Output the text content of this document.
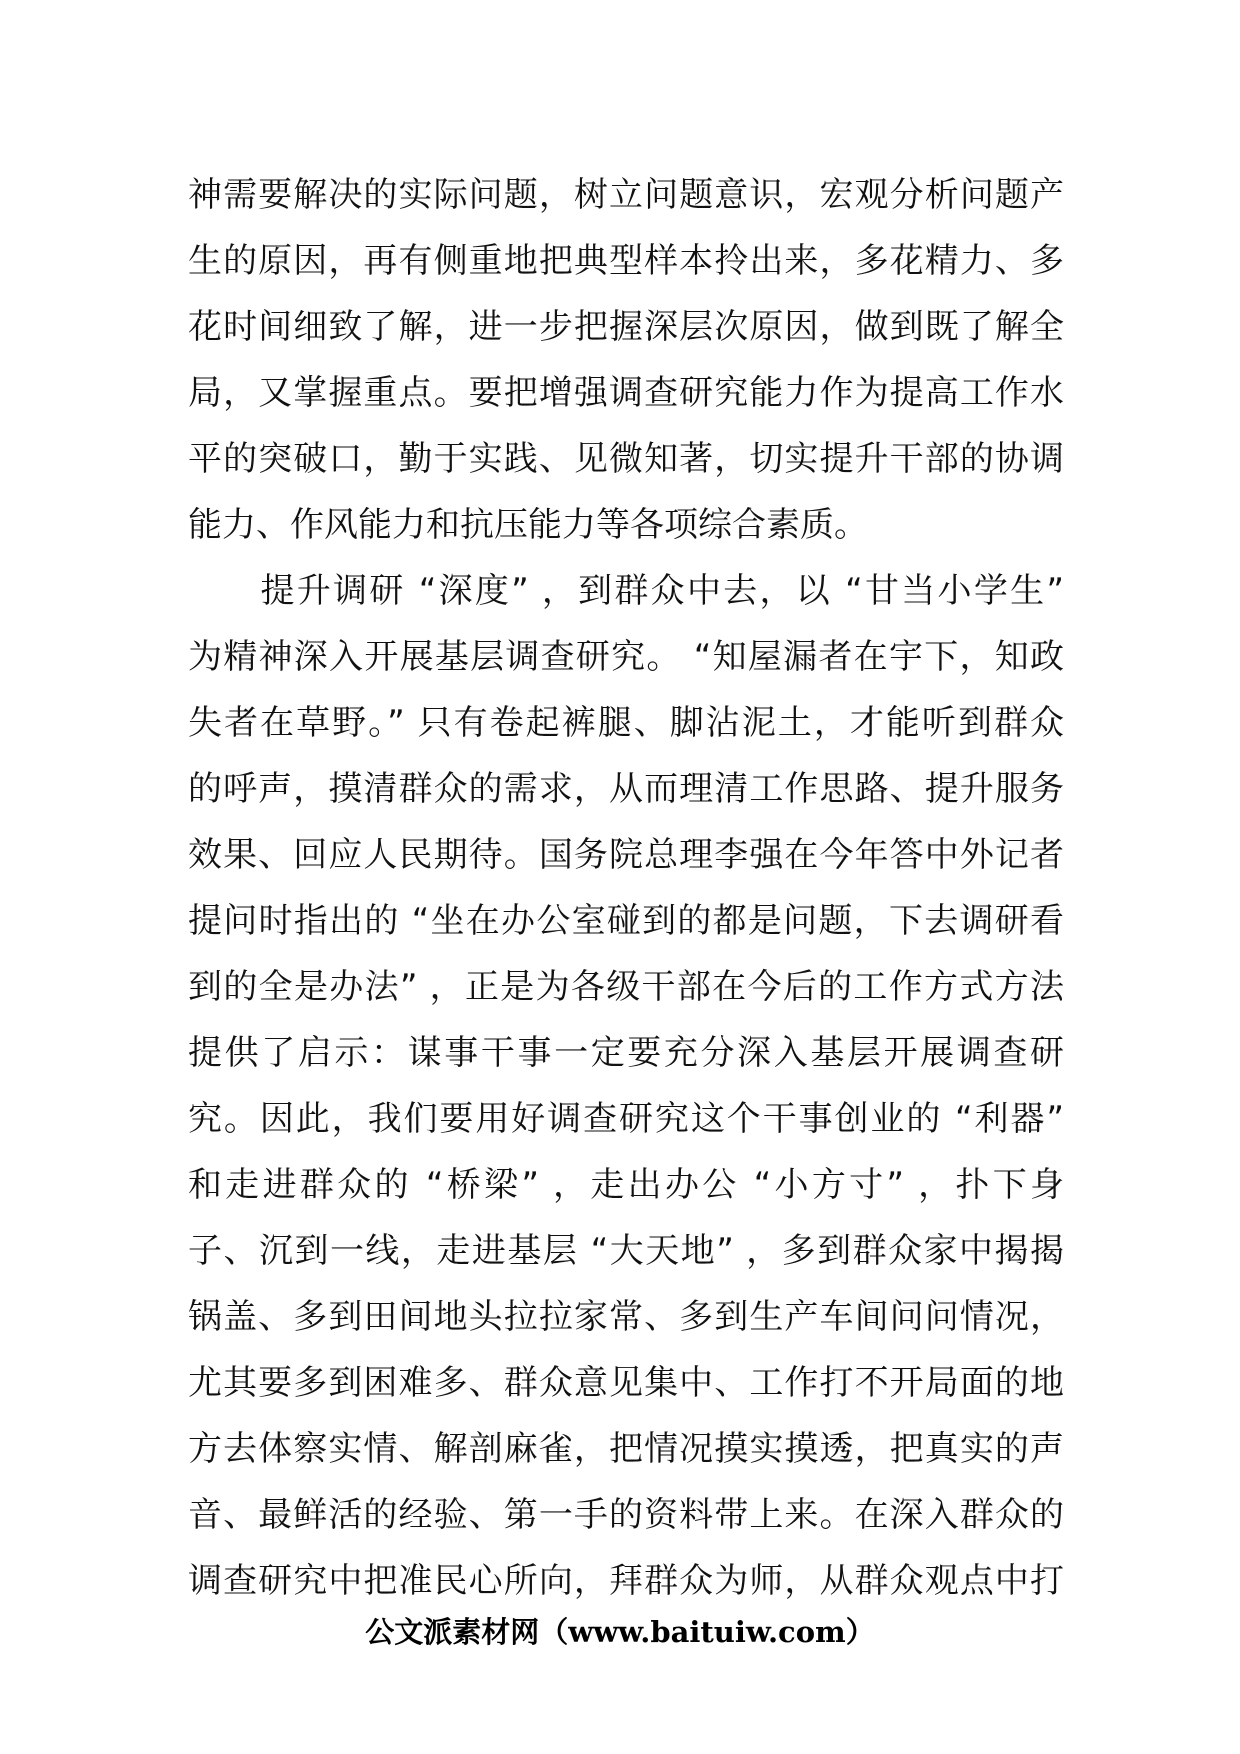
神需要解决的实际问题，树立问题意识，宏观分析问题产
生的原因，再有侧重地把典型样本拎出来，多花精力、多
花时间细致了解，进一步把握深层次原因，做到既了解全
局，又掌握重点。要把增强调查研究能力作为提高工作水
平的突破口，勤于实践、见微知著，切实提升干部的协调
能力、作风能力和抗压能力等各项综合素质。
　　提升调研 “深度” ，到群众中去，以 “甘当小学生”
为精神深入开展基层调查研究。 “知屋漏者在宇下，知政
失者在草野。” 只有卷起裤腿、脚沾泥土，才能听到群众
的呼声，摸清群众的需求，从而理清工作思路、提升服务
效果、回应人民期待。国务院总理李强在今年答中外记者
提问时指出的 “坐在办公室碰到的都是问题，下去调研看
到的全是办法” ，正是为各级干部在今后的工作方式方法
提供了启示：谋事干事一定要充分深入基层开展调查研
究。因此，我们要用好调查研究这个干事创业的 “利器”
和走进群众的 “桥梁” ，走出办公 “小方寸” ，扑下身
子、沉到一线，走进基层 “大天地” ，多到群众家中揭揭
锅盖、多到田间地头拉拉家常、多到生产车间问问情况，
尤其要多到困难多、群众意见集中、工作打不开局面的地
方去体察实情、解剖麻雀，把情况摸实摸透，把真实的声
音、最鲜活的经验、第一手的资料带上来。在深入群众的
调查研究中把准民心所向，拜群众为师，从群众观点中打
公文派素材网（www.baituiw.com）
